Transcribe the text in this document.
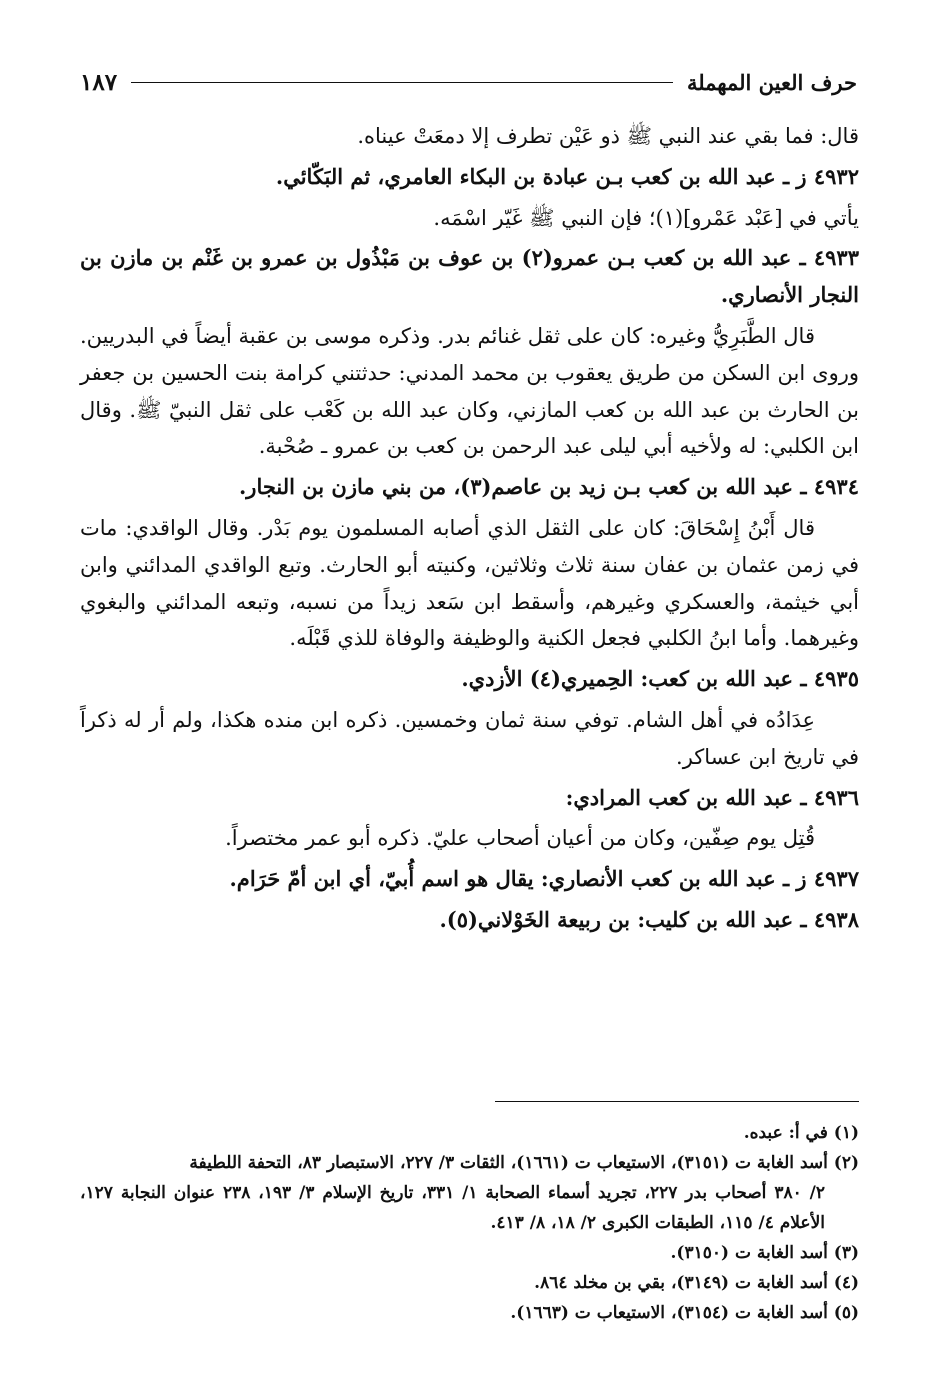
حرف العين المهملة
١٨٧

قال: فما بقي عند النبي ﷺ ذو عَيْن تطرف إلا دمعَتْ عيناه.

٤٩٣٢ ز ـ عبد الله بن كعب بـن عبادة بن البكاء العامري، ثم البَكّائي.

يأتي في [عَبْد عَمْرو](١)؛ فإن النبي ﷺ غَيّر اسْمَه.

٤٩٣٣ ـ عبد الله بن كعب بـن عمرو(٢) بن عوف بن مَبْذُول بن عمرو بن غَنْم بن مازن بن النجار الأنصاري.

قال الطَّبَرِيُّ وغيره: كان على ثقل غنائم بدر. وذكره موسى بن عقبة أيضاً في البدريين. وروى ابن السكن من طريق يعقوب بن محمد المدني: حدثتني كرامة بنت الحسين بن جعفر بن الحارث بن عبد الله بن كعب المازني، وكان عبد الله بن كَعْب على ثقل النبيّ ﷺ. وقال ابن الكلبي: له ولأخيه أبي ليلى عبد الرحمن بن كعب بن عمرو ـ صُحْبة.

٤٩٣٤ ـ عبد الله بن كعب بـن زيد بن عاصم(٣)، من بني مازن بن النجار.

قال أَبْنُ إِسْحَاقَ: كان على الثقل الذي أصابه المسلمون يوم بَدْر. وقال الواقدي: مات في زمن عثمان بن عفان سنة ثلاث وثلاثين، وكنيته أبو الحارث. وتبع الواقدي المدائني وابن أبي خيثمة، والعسكري وغيرهم، وأسقط ابن سَعد زيداً من نسبه، وتبعه المدائني والبغوي وغيرهما. وأما ابنُ الكلبي فجعل الكنية والوظيفة والوفاة للذي قَبْلَه.

٤٩٣٥ ـ عبد الله بن كعب: الحِميري(٤) الأزدي.

عِدَادُه في أهل الشام. توفي سنة ثمان وخمسين. ذكره ابن منده هكذا، ولم أر له ذكراً في تاريخ ابن عساكر.

٤٩٣٦ ـ عبد الله بن كعب المرادي:

قُتِل يوم صِفّين، وكان من أعيان أصحاب عليّ. ذكره أبو عمر مختصراً.

٤٩٣٧ ز ـ عبد الله بن كعب الأنصاري: يقال هو اسم أُبيّ، أي ابن أمّ حَرَام.

٤٩٣٨ ـ عبد الله بن كليب: بن ربيعة الخَوْلاني(٥).

(١) في أ: عبده.

(٢) أسد الغابة ت (٣١٥١)، الاستيعاب ت (١٦٦١)، الثقات ٣/ ٢٢٧، الاستبصار ٨٣، التحفة اللطيفة

٢/ ٣٨٠ أصحاب بدر ٢٢٧، تجريد أسماء الصحابة ١/ ٣٣١، تاريخ الإسلام ٣/ ١٩٣، ٢٣٨ عنوان النجابة ١٢٧، الأعلام ٤/ ١١٥، الطبقات الكبرى ٢/ ١٨، ٨/ ٤١٣.

(٣) أسد الغابة ت (٣١٥٠).

(٤) أسد الغابة ت (٣١٤٩)، بقي بن مخلد ٨٦٤.

(٥) أسد الغابة ت (٣١٥٤)، الاستيعاب ت (١٦٦٣).
